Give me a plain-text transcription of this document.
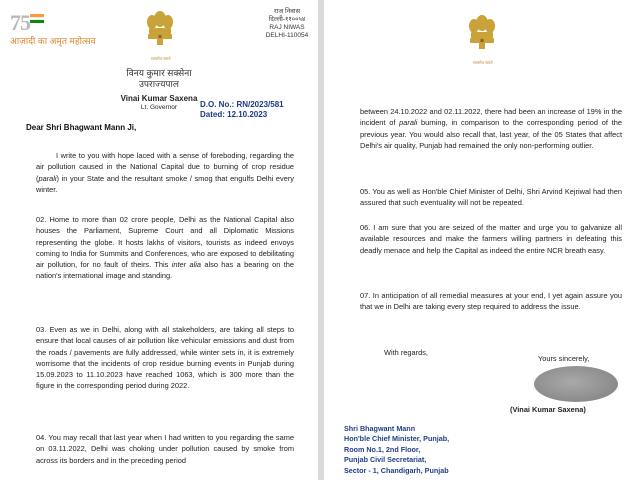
75
आज़ादी का अमृत महोत्सव
सत्यमेव जयते
राज निवास
दिल्ली-११००५४
RAJ NIWAS
DELHI-110054
विनय कुमार सक्सेना
उपराज्यपाल
Vinai Kumar Saxena
Lt. Governor	D.O. No.: RN/2023/581
Dated: 12.10.2023
Dear Shri Bhagwant Mann Ji,

I write to you with hope laced with a sense of foreboding, regarding the air pollution caused in the National Capital due to burning of crop residue (parali) in your State and the resultant smoke / smog that engulfs Delhi every winter.

02. Home to more than 02 crore people, Delhi as the National Capital also houses the Parliament, Supreme Court and all Diplomatic Missions representing the globe. It hosts lakhs of visitors, tourists as indeed envoys coming to India for Summits and Conferences, who are exposed to debilitating air pollution, for no fault of theirs. This inter alia also has a bearing on the nation's international image and standing.

03. Even as we in Delhi, along with all stakeholders, are taking all steps to ensure that local causes of air pollution like vehicular emissions and dust from the roads / pavements are fully addressed, while winter sets in, it is extremely worrisome that the incidents of crop residue burning events in Punjab during 15.09.2023 to 11.10.2023 have reached 1063, which is 300 more than the figure in the corresponding period during 2022.

04. You may recall that last year when I had written to you regarding the same on 03.11.2022, Delhi was choking under pollution caused by smoke from across its borders and in the preceding period

सत्यमेव जयते

between 24.10.2022 and 02.11.2022, there had been an increase of 19% in the incident of parali burning, in comparison to the corresponding period of the previous year. You would also recall that, last year, of the 05 States that affect Delhi's air quality, Punjab had remained the only non-performing outlier.

05. You as well as Hon'ble Chief Minister of Delhi, Shri Arvind Kejriwal had then assured that such eventuality will not be repeated.

06. I am sure that you are seized of the matter and urge you to galvanize all available resources and make the farmers willing partners in defeating this deadly menace and help the Capital as indeed the entire NCR breath easy.

07. In anticipation of all remedial measures at your end, I yet again assure you that we in Delhi are taking every step required to address the issue.

With regards,
Yours sincerely,
(Vinai Kumar Saxena)
Shri Bhagwant Mann
Hon'ble Chief Minister, Punjab,
Room No.1, 2nd Floor,
Punjab Civil Secretariat,
Sector - 1, Chandigarh, Punjab
